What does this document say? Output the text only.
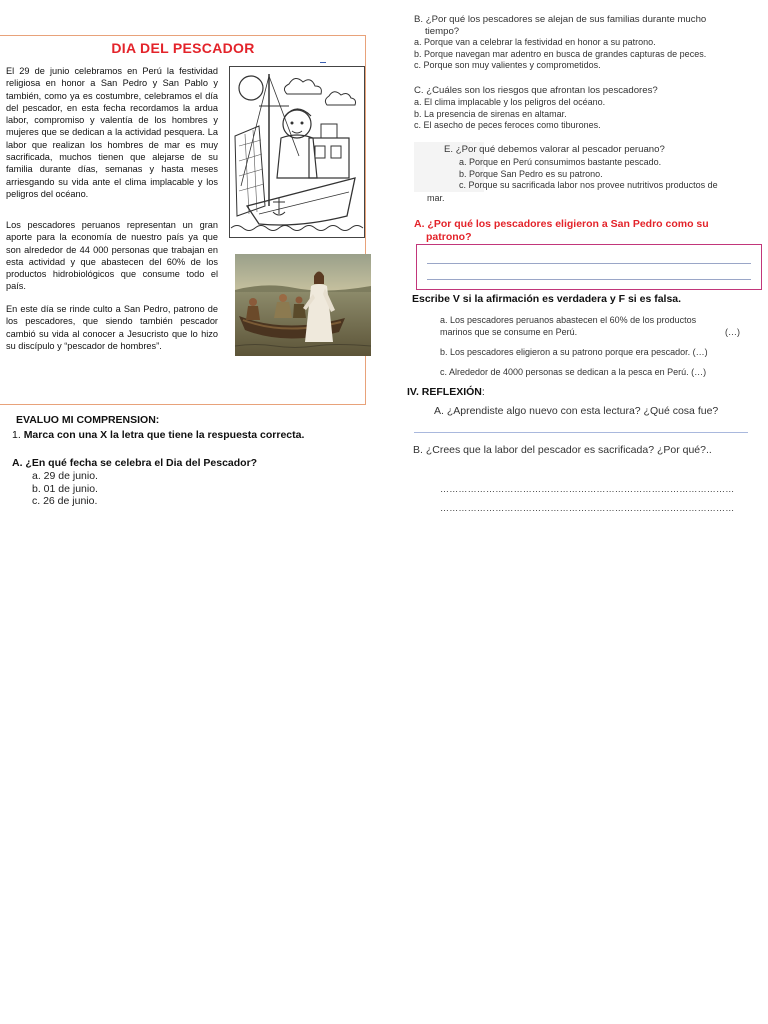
DIA DEL PESCADOR
El 29 de junio celebramos en Perú la festividad religiosa en honor a San Pedro y San Pablo y también, como ya es costumbre, celebramos el día del pescador, en esta fecha recordamos la ardua labor, compromiso y valentía de los hombres y mujeres que se dedican a la actividad pesquera. La labor que realizan los hombres de mar es muy sacrificada, muchos tienen que alejarse de su familia durante días, semanas y hasta meses arriesgando su vida ante el clima implacable y los peligros del océano.
Los pescadores peruanos representan un gran aporte para la economía de nuestro país ya que son alrededor de 44 000 personas que trabajan en esta actividad y que abastecen del 60% de los productos hidrobiológicos que consume todo el país.
En este día se rinde culto a San Pedro, patrono de los pescadores, que siendo también pescador cambió su vida al conocer a Jesucristo que lo hizo su discípulo y “pescador de hombres”.
EVALUO MI COMPRENSION:
1. Marca con una X la letra que tiene la respuesta correcta.
A. ¿En qué fecha se celebra el Dia del Pescador?
a. 29 de junio.
b. 01 de junio.
c. 26 de junio.
B. ¿Por qué los pescadores se alejan de sus familias durante mucho
tiempo?
a. Porque van a celebrar la festividad en honor a su patrono.
b. Porque navegan mar adentro en busca de grandes capturas de peces.
c. Porque son muy valientes y comprometidos.
C. ¿Cuáles son los riesgos que afrontan los pescadores?
a. El clima implacable y los peligros del océano.
b. La presencia de sirenas en altamar.
c. El asecho de peces feroces como tiburones.
E. ¿Por qué debemos valorar al pescador peruano?
a. Porque en Perú consumimos bastante pescado.
b. Porque San Pedro es su patrono.
c. Porque su sacrificada labor nos provee nutritivos productos de
mar.
A. ¿Por qué los pescadores eligieron a San Pedro como su
patrono?
Escribe V si la afirmación es verdadera y F si es falsa.
a. Los pescadores peruanos abastecen el 60% de los productos
marinos que se consume en Perú.	(…)
b. Los pescadores eligieron a su patrono porque era pescador. (…)
c. Alrededor de 4000 personas se dedican a la pesca en Perú. (…)
IV. REFLEXIÓN:
A. ¿Aprendiste algo nuevo con esta lectura? ¿Qué cosa fue?
B. ¿Crees que la labor del pescador es sacrificada? ¿Por qué?..
……………………………………………………………………………………
……………………………………………………………………………………
